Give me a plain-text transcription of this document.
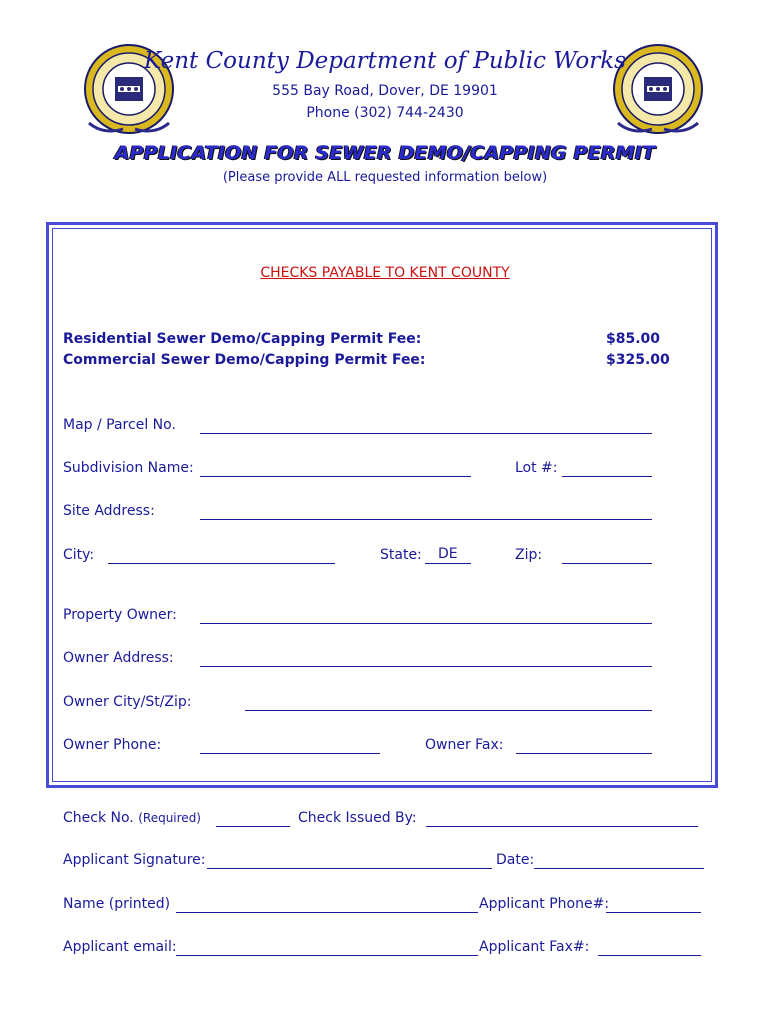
Kent County Department of Public Works
555 Bay Road, Dover, DE 19901
Phone (302) 744-2430
APPLICATION FOR SEWER DEMO/CAPPING PERMIT
(Please provide ALL requested information below)
CHECKS PAYABLE TO KENT COUNTY
Residential Sewer Demo/Capping Permit Fee:	$85.00
Commercial Sewer Demo/Capping Permit Fee:	$325.00
Map / Parcel No.
Subdivision Name:	Lot #:
Site Address:
City:	State: DE	Zip:
Property Owner:
Owner Address:
Owner City/St/Zip:
Owner Phone:	Owner Fax:
Check No. (Required)	Check Issued By:
Applicant Signature:	Date:
Name (printed)	Applicant Phone#:
Applicant email:	Applicant Fax#:
